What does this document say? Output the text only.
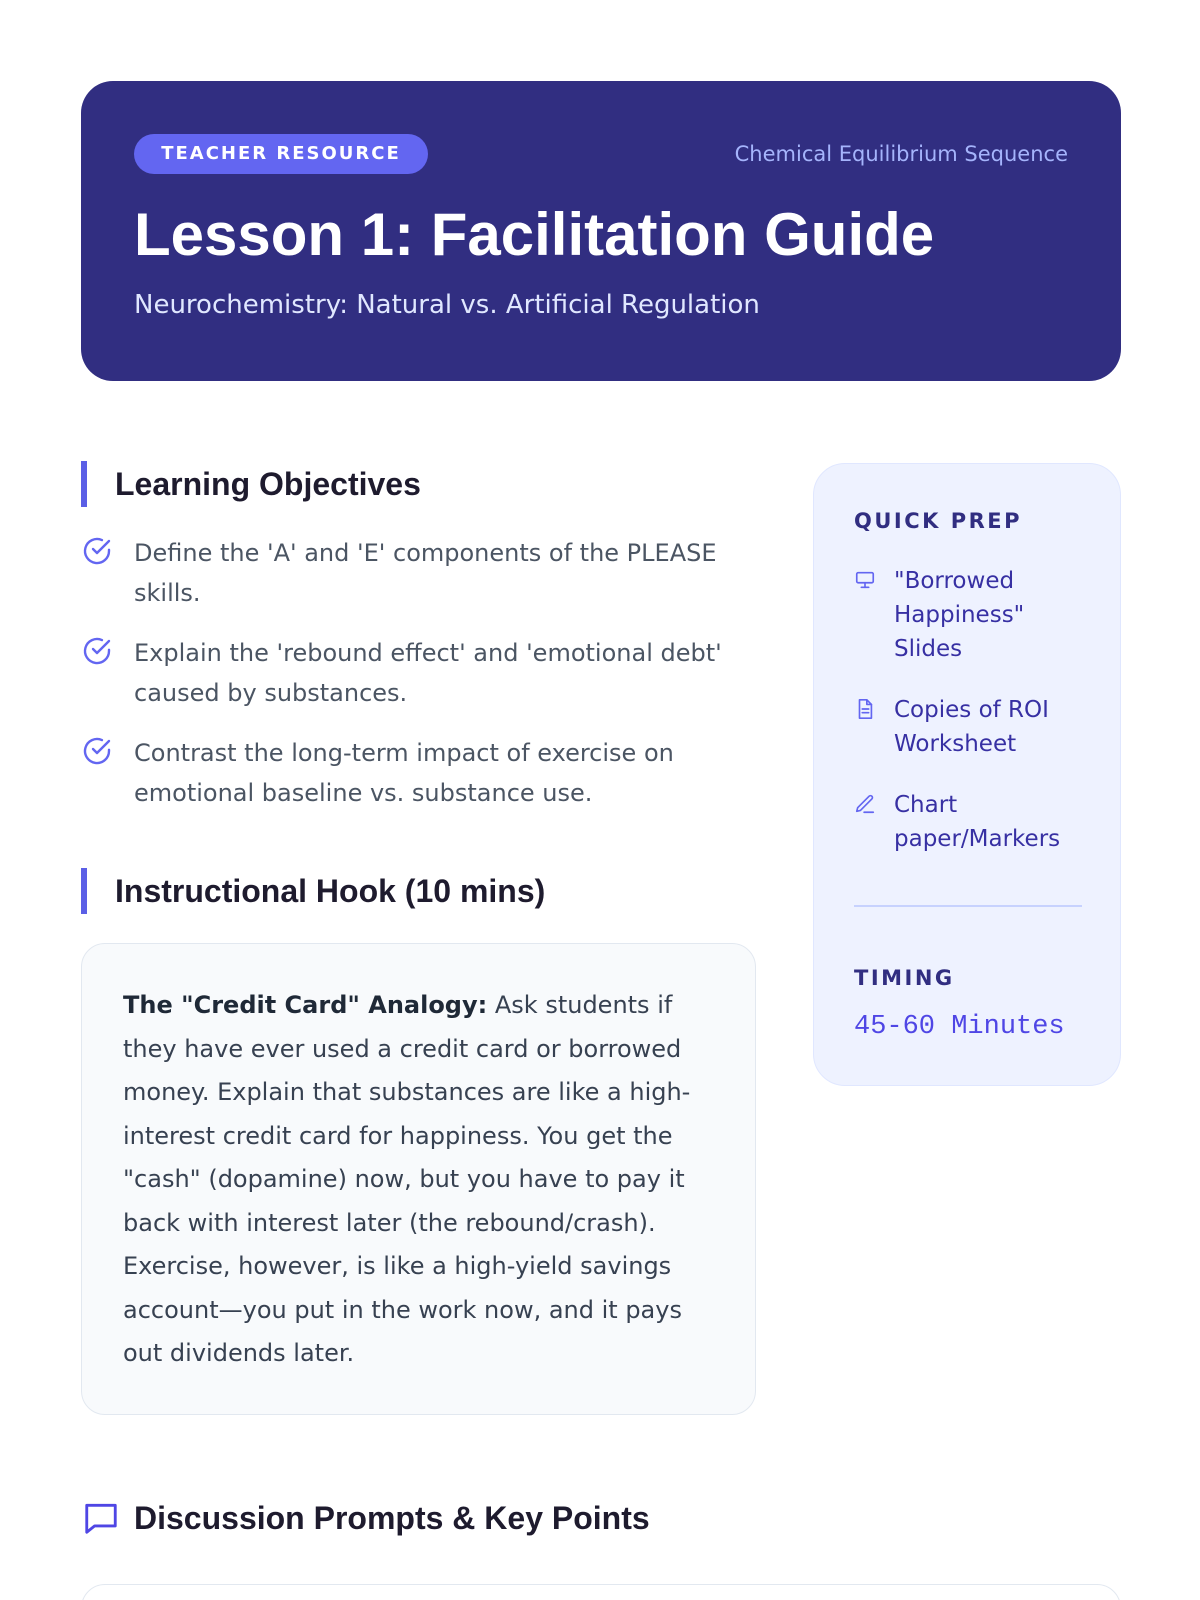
TEACHER RESOURCE	Chemical Equilibrium Sequence
Lesson 1: Facilitation Guide
Neurochemistry: Natural vs. Artificial Regulation
Learning Objectives
Define the 'A' and 'E' components of the PLEASE skills.
Explain the 'rebound effect' and 'emotional debt' caused by substances.
Contrast the long-term impact of exercise on emotional baseline vs. substance use.
Instructional Hook (10 mins)

The "Credit Card" Analogy: Ask students if they have ever used a credit card or borrowed money. Explain that substances are like a high-interest credit card for happiness. You get the "cash" (dopamine) now, but you have to pay it back with interest later (the rebound/crash). Exercise, however, is like a high-yield savings account—you put in the work now, and it pays out dividends later.

Discussion Prompts & Key Points
QUICK PREP
"Borrowed Happiness" Slides
Copies of ROI Worksheet
Chart paper/Markers
TIMING
45-60 Minutes
